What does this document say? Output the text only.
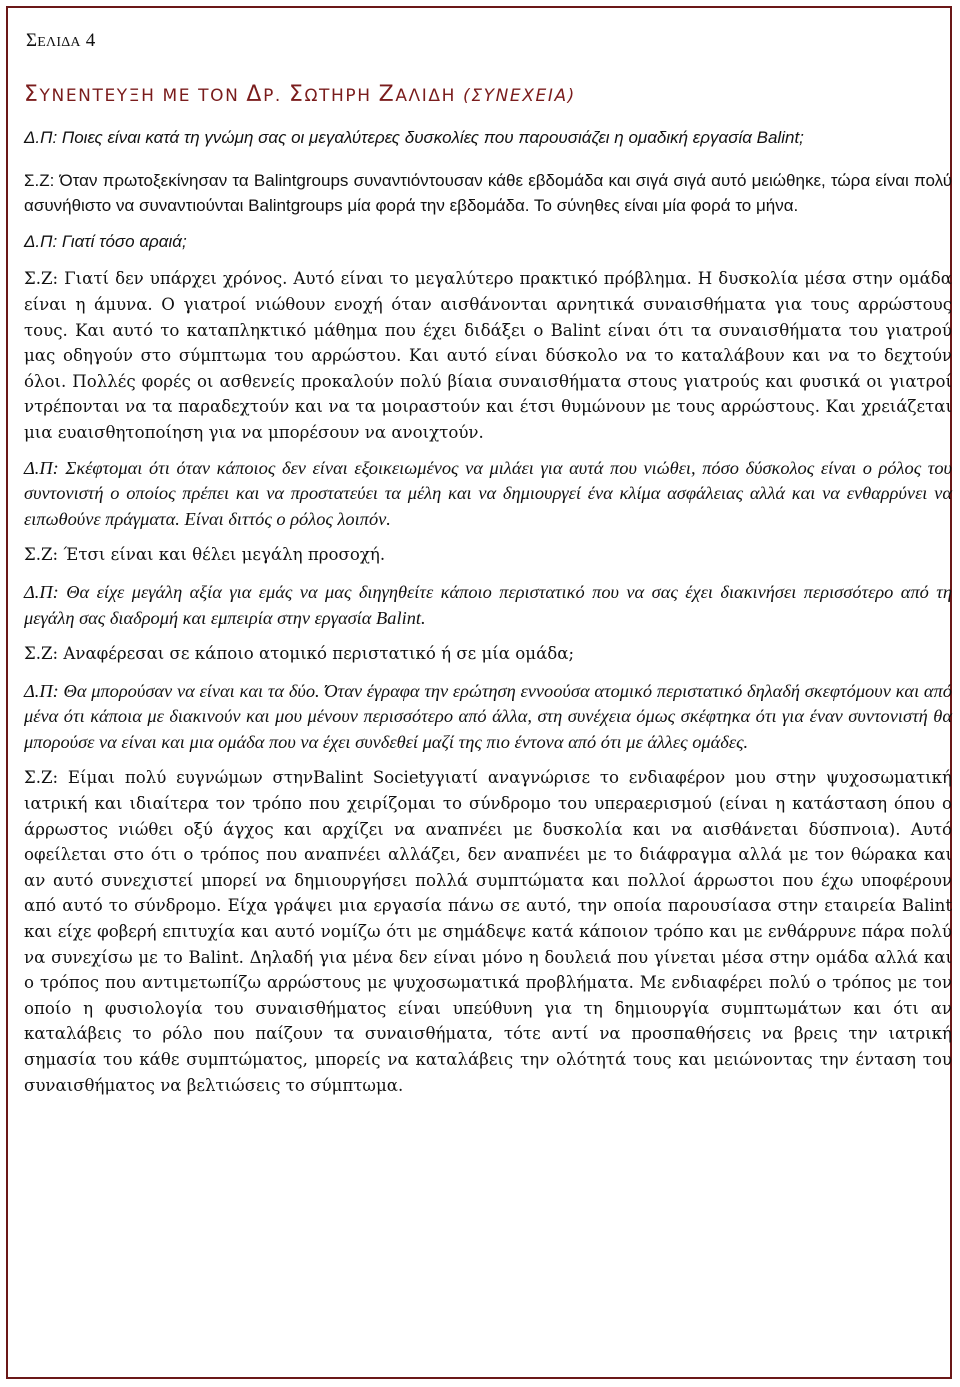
ΣΕΛΙΔΑ 4
ΣΥΝΕΝΤΕΥΞΗ ΜΕ ΤΟΝ ΔΡ. ΣΩΤΗΡΗ ΖΑΛΙΔΗ (ΣΥΝΕΧΕΙΑ)

Δ.Π: Ποιες είναι κατά τη γνώμη σας οι μεγαλύτερες δυσκολίες που παρουσιάζει η ομαδική εργασία Balint;

Σ.Ζ: Όταν πρωτοξεκίνησαν τα Balintgroups συναντιόντουσαν κάθε εβδομάδα και σιγά σιγά αυτό μειώθηκε, τώρα είναι πολύ ασυνήθιστο να συναντιούνται Balintgroups μία φορά την εβδομάδα. Το σύνηθες είναι μία φορά το μήνα.

Δ.Π: Γιατί τόσο αραιά;

Σ.Ζ: Γιατί δεν υπάρχει χρόνος. Αυτό είναι το μεγαλύτερο πρακτικό πρόβλημα. Η δυσκολία μέσα στην ομάδα είναι η άμυνα. Ο γιατροί νιώθουν ενοχή όταν αισθάνονται αρνητικά συναισθήματα για τους αρρώστους τους. Και αυτό το καταπληκτικό μάθημα που έχει διδάξει ο Balint είναι ότι τα συναισθήματα του γιατρού μας οδηγούν στο σύμπτωμα του αρρώστου. Και αυτό είναι δύσκολο να το καταλάβουν και να το δεχτούν όλοι. Πολλές φορές οι ασθενείς προκαλούν πολύ βίαια συναισθήματα στους γιατρούς και φυσικά οι γιατροί ντρέπονται να τα παραδεχτούν και να τα μοιραστούν και έτσι θυμώνουν με τους αρρώστους. Και χρειάζεται μια ευαισθητοποίηση για να μπορέσουν να ανοιχτούν.

Δ.Π: Σκέφτομαι ότι όταν κάποιος δεν είναι εξοικειωμένος να μιλάει για αυτά που νιώθει, πόσο δύσκολος είναι ο ρόλος του συντονιστή ο οποίος πρέπει και να προστατεύει τα μέλη και να δημιουργεί ένα κλίμα ασφάλειας αλλά και να ενθαρρύνει να ειπωθούνε πράγματα. Είναι διττός ο ρόλος λοιπόν.

Σ.Ζ: Έτσι είναι και θέλει μεγάλη προσοχή.

Δ.Π: Θα είχε μεγάλη αξία για εμάς να μας διηγηθείτε κάποιο περιστατικό που να σας έχει διακινήσει περισσότερο από τη μεγάλη σας διαδρομή και εμπειρία στην εργασία Balint.

Σ.Ζ: Αναφέρεσαι σε κάποιο ατομικό περιστατικό ή σε μία ομάδα;

Δ.Π: Θα μπορούσαν να είναι και τα δύο. Όταν έγραφα την ερώτηση εννοούσα ατομικό περιστατικό δηλαδή σκεφτόμουν και από μένα ότι κάποια με διακινούν και μου μένουν περισσότερο από άλλα, στη συνέχεια όμως σκέφτηκα ότι για έναν συντονιστή θα μπορούσε να είναι και μια ομάδα που να έχει συνδεθεί μαζί της πιο έντονα από ότι με άλλες ομάδες.

Σ.Ζ: Είμαι πολύ ευγνώμων στηνBalint Societyγιατί αναγνώρισε το ενδιαφέρον μου στην ψυχοσωματική ιατρική και ιδιαίτερα τον τρόπο που χειρίζομαι το σύνδρομο του υπεραερισμού (είναι η κατάσταση όπου ο άρρωστος νιώθει οξύ άγχος και αρχίζει να αναπνέει με δυσκολία και να αισθάνεται δύσπνοια). Αυτό οφείλεται στο ότι ο τρόπος που αναπνέει αλλάζει, δεν αναπνέει με το διάφραγμα αλλά με τον θώρακα και αν αυτό συνεχιστεί μπορεί να δημιουργήσει πολλά συμπτώματα και πολλοί άρρωστοι που έχω υποφέρουν από αυτό το σύνδρομο. Είχα γράψει μια εργασία πάνω σε αυτό, την οποία παρουσίασα στην εταιρεία Balint και είχε φοβερή επιτυχία και αυτό νομίζω ότι με σημάδεψε κατά κάποιον τρόπο και με ενθάρρυνε πάρα πολύ να συνεχίσω με το Balint. Δηλαδή για μένα δεν είναι μόνο η δουλειά που γίνεται μέσα στην ομάδα αλλά και ο τρόπος που αντιμετωπίζω αρρώστους με ψυχοσωματικά προβλήματα. Με ενδιαφέρει πολύ ο τρόπος με τον οποίο η φυσιολογία του συναισθήματος είναι υπεύθυνη για τη δημιουργία συμπτωμάτων και ότι αν καταλάβεις το ρόλο που παίζουν τα συναισθήματα, τότε αντί να προσπαθήσεις να βρεις την ιατρική σημασία του κάθε συμπτώματος, μπορείς να καταλάβεις την ολότητά τους και μειώνοντας την ένταση του συναισθήματος να βελτιώσεις το σύμπτωμα.
